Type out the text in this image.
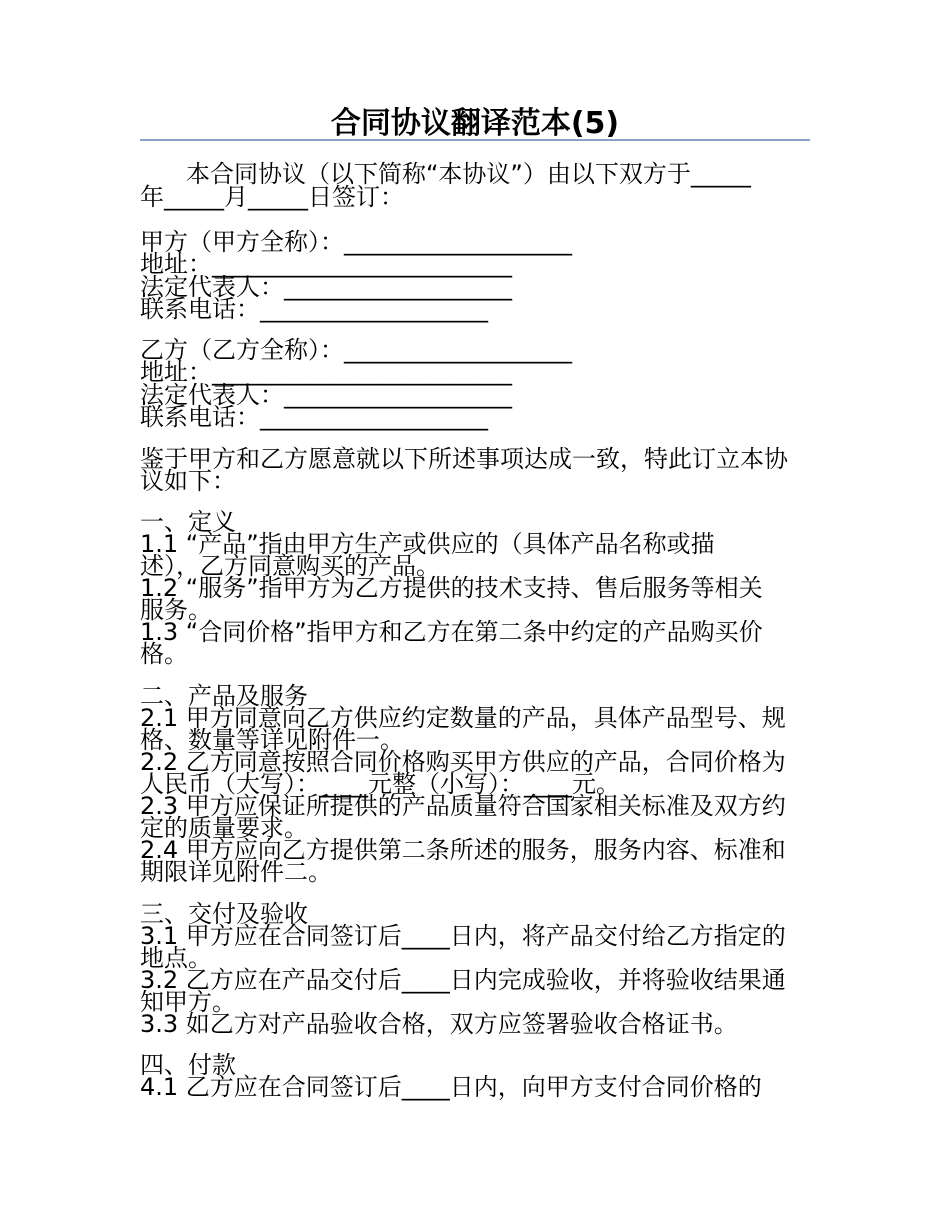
合同协议翻译范本(5)

本合同协议（以下简称“本协议”）由以下双方于_____

年_____月_____日签订：

甲方（甲方全称）：___________________

地址：_________________________

法定代表人：___________________

联系电话：___________________

乙方（乙方全称）：___________________

地址：_________________________

法定代表人：___________________

联系电话：___________________

鉴于甲方和乙方愿意就以下所述事项达成一致，特此订立本协

议如下：

一、定义

1.1 “产品”指由甲方生产或供应的（具体产品名称或描

述），乙方同意购买的产品。

1.2 “服务”指甲方为乙方提供的技术支持、售后服务等相关

服务。

1.3 “合同价格”指甲方和乙方在第二条中约定的产品购买价

格。

二、产品及服务

2.1 甲方同意向乙方供应约定数量的产品，具体产品型号、规

格、数量等详见附件一。

2.2 乙方同意按照合同价格购买甲方供应的产品，合同价格为

人民币（大写）：____元整（小写）：____元。

2.3 甲方应保证所提供的产品质量符合国家相关标准及双方约

定的质量要求。

2.4 甲方应向乙方提供第二条所述的服务，服务内容、标准和

期限详见附件二。

三、交付及验收

3.1 甲方应在合同签订后____日内，将产品交付给乙方指定的

地点。

3.2 乙方应在产品交付后____日内完成验收，并将验收结果通

知甲方。

3.3 如乙方对产品验收合格，双方应签署验收合格证书。

四、付款

4.1 乙方应在合同签订后____日内，向甲方支付合同价格的
